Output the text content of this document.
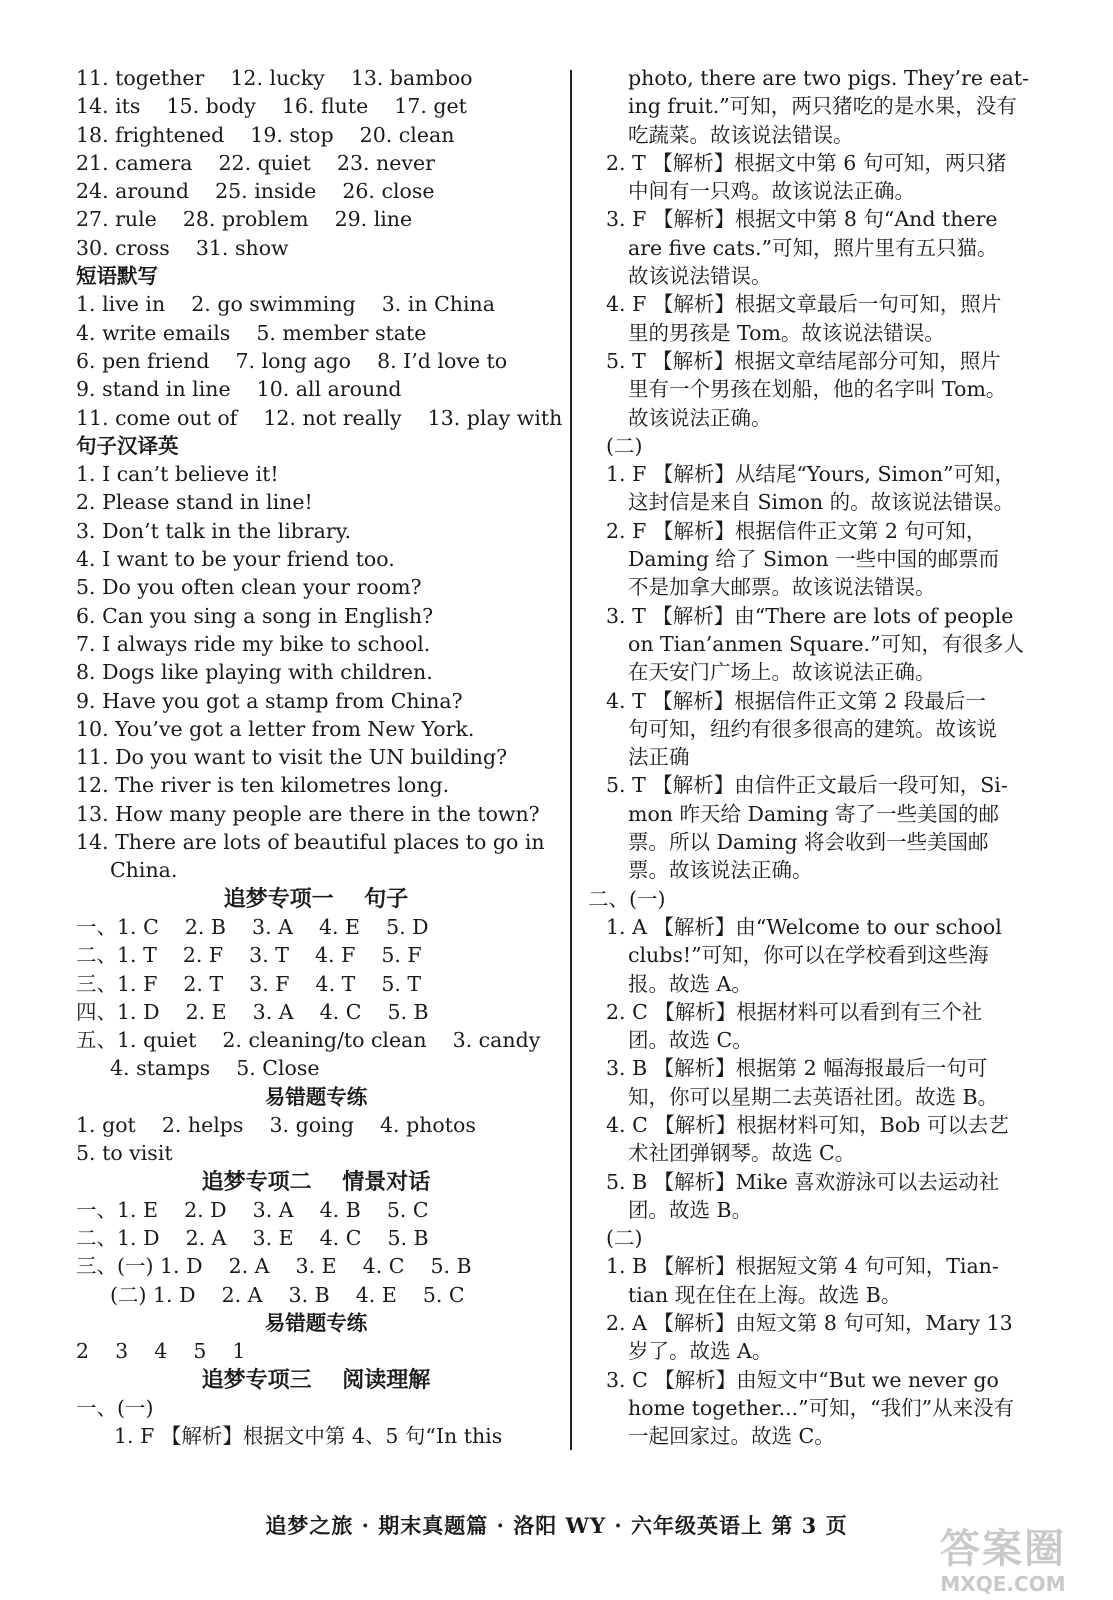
11. together    12. lucky    13. bamboo
14. its    15. body    16. flute    17. get
18. frightened    19. stop    20. clean
21. camera    22. quiet    23. never
24. around    25. inside    26. close
27. rule    28. problem    29. line
30. cross    31. show
短语默写
1. live in    2. go swimming    3. in China
4. write emails    5. member state
6. pen friend    7. long ago    8. I’d love to
9. stand in line    10. all around
11. come out of    12. not really    13. play with
句子汉译英
1. I can’t believe it!
2. Please stand in line!
3. Don’t talk in the library.
4. I want to be your friend too.
5. Do you often clean your room?
6. Can you sing a song in English?
7. I always ride my bike to school.
8. Dogs like playing with children.
9. Have you got a stamp from China?
10. You’ve got a letter from New York.
11. Do you want to visit the UN building?
12. The river is ten kilometres long.
13. How many people are there in the town?
14. There are lots of beautiful places to go in
China.
追梦专项一    句子
一、1. C    2. B    3. A    4. E    5. D
二、1. T    2. F    3. T    4. F    5. F
三、1. F    2. T    3. F    4. T    5. T
四、1. D    2. E    3. A    4. C    5. B
五、1. quiet    2. cleaning/to clean    3. candy
4. stamps    5. Close
易错题专练
1. got    2. helps    3. going    4. photos
5. to visit
追梦专项二    情景对话
一、1. E    2. D    3. A    4. B    5. C
二、1. D    2. A    3. E    4. C    5. B
三、(一) 1. D    2. A    3. E    4. C    5. B
(二) 1. D    2. A    3. B    4. E    5. C
易错题专练
2    3    4    5    1
追梦专项三    阅读理解
一、(一)
1. F 【解析】根据文中第 4、5 句“In this
photo, there are two pigs. They’re eat-
ing fruit.”可知，两只猪吃的是水果，没有
吃蔬菜。故该说法错误。
2. T 【解析】根据文中第 6 句可知，两只猪
中间有一只鸡。故该说法正确。
3. F 【解析】根据文中第 8 句“And there
are five cats.”可知，照片里有五只猫。
故该说法错误。
4. F 【解析】根据文章最后一句可知，照片
里的男孩是 Tom。故该说法错误。
5. T 【解析】根据文章结尾部分可知，照片
里有一个男孩在划船，他的名字叫 Tom。
故该说法正确。
(二)
1. F 【解析】从结尾“Yours, Simon”可知，
这封信是来自 Simon 的。故该说法错误。
2. F 【解析】根据信件正文第 2 句可知，
Daming 给了 Simon 一些中国的邮票而
不是加拿大邮票。故该说法错误。
3. T 【解析】由“There are lots of people
on Tian’anmen Square.”可知，有很多人
在天安门广场上。故该说法正确。
4. T 【解析】根据信件正文第 2 段最后一
句可知，纽约有很多很高的建筑。故该说
法正确
5. T 【解析】由信件正文最后一段可知，Si-
mon 昨天给 Daming 寄了一些美国的邮
票。所以 Daming 将会收到一些美国邮
票。故该说法正确。
二、(一)
1. A 【解析】由“Welcome to our school
clubs!”可知，你可以在学校看到这些海
报。故选 A。
2. C 【解析】根据材料可以看到有三个社
团。故选 C。
3. B 【解析】根据第 2 幅海报最后一句可
知，你可以星期二去英语社团。故选 B。
4. C 【解析】根据材料可知，Bob 可以去艺
术社团弹钢琴。故选 C。
5. B 【解析】Mike 喜欢游泳可以去运动社
团。故选 B。
(二)
1. B 【解析】根据短文第 4 句可知，Tian-
tian 现在住在上海。故选 B。
2. A 【解析】由短文第 8 句可知，Mary 13
岁了。故选 A。
3. C 【解析】由短文中“But we never go
home together...”可知，“我们”从来没有
一起回家过。故选 C。
追梦之旅 · 期末真题篇 · 洛阳 WY · 六年级英语上 第 3 页
答案圈
MXQE.COM
